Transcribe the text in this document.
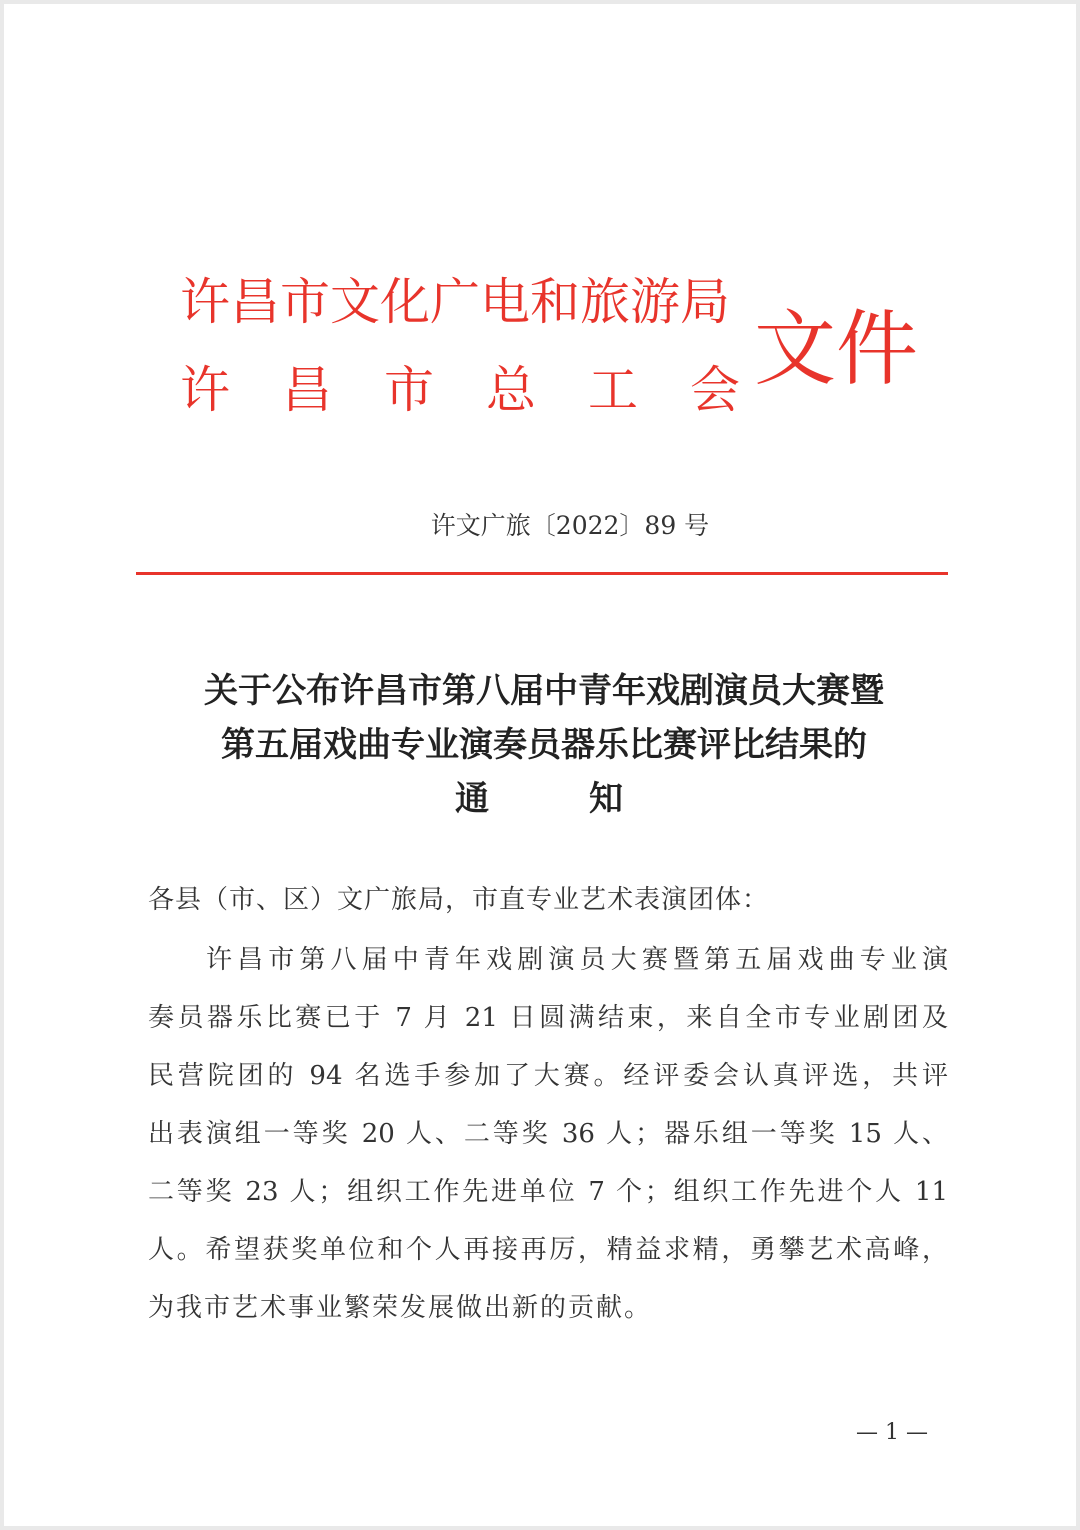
许昌市文化广电和旅游局
许 昌 市 总 工 会 文件
许文广旅〔2022〕89 号
关于公布许昌市第八届中青年戏剧演员大赛暨
第五届戏曲专业演奏员器乐比赛评比结果的
通知
各县（市、区）文广旅局，市直专业艺术表演团体：
许昌市第八届中青年戏剧演员大赛暨第五届戏曲专业演
奏员器乐比赛已于 7 月 21 日圆满结束，来自全市专业剧团及
民营院团的 94 名选手参加了大赛。经评委会认真评选，共评
出表演组一等奖 20 人、二等奖 36 人；器乐组一等奖 15 人、
二等奖 23 人；组织工作先进单位 7 个；组织工作先进个人 11
人。希望获奖单位和个人再接再厉，精益求精，勇攀艺术高峰，
为我市艺术事业繁荣发展做出新的贡献。
— 1 —
